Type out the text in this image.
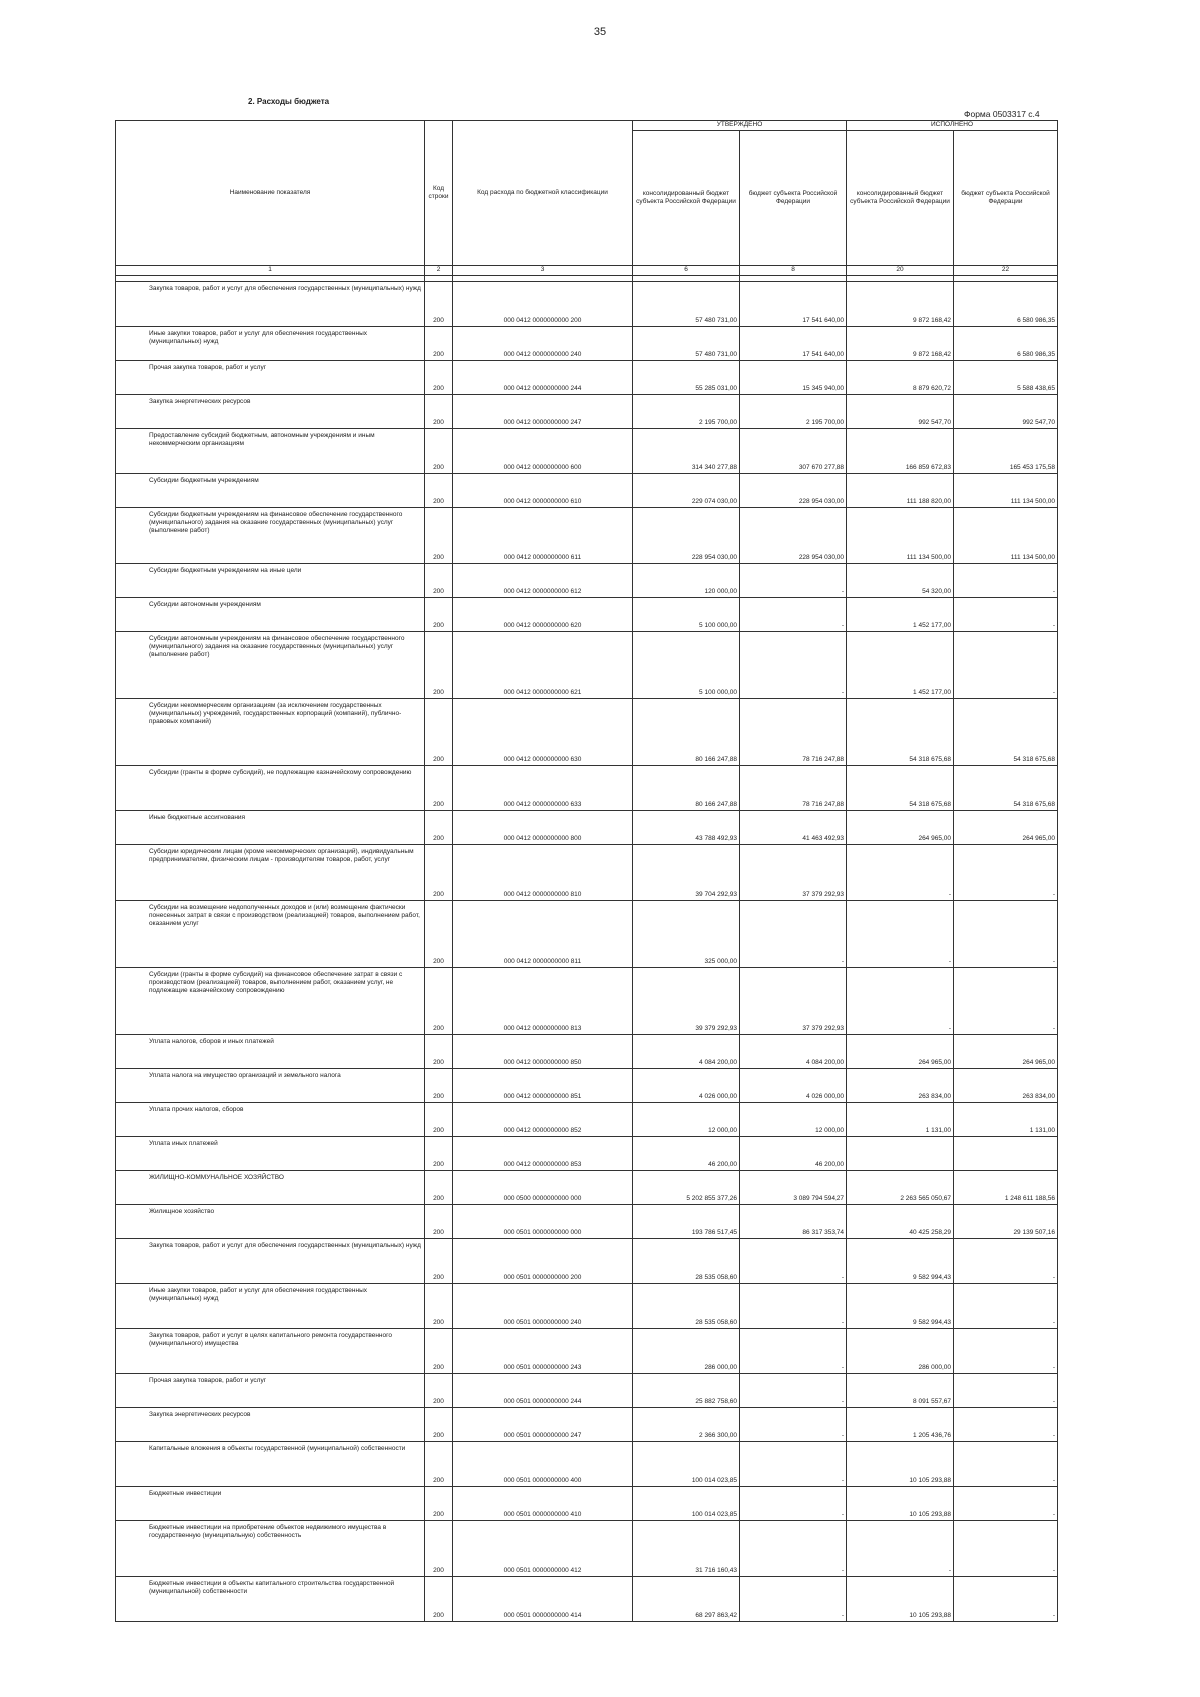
35
2. Расходы бюджета
Форма 0503317 с.4
Наименование показателя	Код строки	Код расхода по бюджетной классификации	УТВЕРЖДЕНО		ИСПОЛНЕНО	
			консолидированный бюджет субъекта Российской Федерации	бюджет субъекта Российской Федерации	консолидированный бюджет субъекта Российской Федерации	бюджет субъекта Российской Федерации
1	2	3	6	8	20	22

Закупка товаров, работ и услуг для обеспечения государственных (муниципальных) нужд	200	000 0412 0000000000 200	57 480 731,00	17 541 640,00	9 872 168,42	6 580 986,35
Иные закупки товаров, работ и услуг для обеспечения государственных (муниципальных) нужд	200	000 0412 0000000000 240	57 480 731,00	17 541 640,00	9 872 168,42	6 580 986,35
Прочая закупка товаров, работ и услуг	200	000 0412 0000000000 244	55 285 031,00	15 345 940,00	8 879 620,72	5 588 438,65
Закупка энергетических ресурсов	200	000 0412 0000000000 247	2 195 700,00	2 195 700,00	992 547,70	992 547,70
Предоставление субсидий бюджетным, автономным учреждениям и иным некоммерческим организациям	200	000 0412 0000000000 600	314 340 277,88	307 670 277,88	166 859 672,83	165 453 175,58
Субсидии бюджетным учреждениям	200	000 0412 0000000000 610	229 074 030,00	228 954 030,00	111 188 820,00	111 134 500,00
Субсидии бюджетным учреждениям на финансовое обеспечение государственного (муниципального) задания на оказание государственных (муниципальных) услуг (выполнение работ)	200	000 0412 0000000000 611	228 954 030,00	228 954 030,00	111 134 500,00	111 134 500,00
Субсидии бюджетным учреждениям на иные цели	200	000 0412 0000000000 612	120 000,00	-	54 320,00	-
Субсидии автономным учреждениям	200	000 0412 0000000000 620	5 100 000,00	-	1 452 177,00	-
Субсидии автономным учреждениям на финансовое обеспечение государственного (муниципального) задания на оказание государственных (муниципальных) услуг (выполнение работ)	200	000 0412 0000000000 621	5 100 000,00	-	1 452 177,00	-
Субсидии некоммерческим организациям (за исключением государственных (муниципальных) учреждений, государственных корпораций (компаний), публично-правовых компаний)	200	000 0412 0000000000 630	80 166 247,88	78 716 247,88	54 318 675,68	54 318 675,68
Субсидии (гранты в форме субсидий), не подлежащие казначейскому сопровождению	200	000 0412 0000000000 633	80 166 247,88	78 716 247,88	54 318 675,68	54 318 675,68
Иные бюджетные ассигнования	200	000 0412 0000000000 800	43 788 492,93	41 463 492,93	264 965,00	264 965,00
Субсидии юридическим лицам (кроме некоммерческих организаций), индивидуальным предпринимателям, физическим лицам - производителям товаров, работ, услуг	200	000 0412 0000000000 810	39 704 292,93	37 379 292,93	-	-
Субсидии на возмещение недополученных доходов и (или) возмещение фактически понесенных затрат в связи с производством (реализацией) товаров, выполнением работ, оказанием услуг	200	000 0412 0000000000 811	325 000,00	-	-	-
Субсидии (гранты в форме субсидий) на финансовое обеспечение затрат в связи с производством (реализацией) товаров, выполнением работ, оказанием услуг, не подлежащие казначейскому сопровождению	200	000 0412 0000000000 813	39 379 292,93	37 379 292,93	-	-
Уплата налогов, сборов и иных платежей	200	000 0412 0000000000 850	4 084 200,00	4 084 200,00	264 965,00	264 965,00
Уплата налога на имущество организаций и земельного налога	200	000 0412 0000000000 851	4 026 000,00	4 026 000,00	263 834,00	263 834,00
Уплата прочих налогов, сборов	200	000 0412 0000000000 852	12 000,00	12 000,00	1 131,00	1 131,00
Уплата иных платежей	200	000 0412 0000000000 853	46 200,00	46 200,00		
ЖИЛИЩНО-КОММУНАЛЬНОЕ ХОЗЯЙСТВО	200	000 0500 0000000000 000	5 202 855 377,26	3 089 794 594,27	2 263 565 050,67	1 248 611 188,56
Жилищное хозяйство	200	000 0501 0000000000 000	193 786 517,45	86 317 353,74	40 425 258,29	29 139 507,16
Закупка товаров, работ и услуг для обеспечения государственных (муниципальных) нужд	200	000 0501 0000000000 200	28 535 058,60	-	9 582 994,43	-
Иные закупки товаров, работ и услуг для обеспечения государственных (муниципальных) нужд	200	000 0501 0000000000 240	28 535 058,60	-	9 582 994,43	-
Закупка товаров, работ и услуг в целях капитального ремонта государственного (муниципального) имущества	200	000 0501 0000000000 243	286 000,00	-	286 000,00	-
Прочая закупка товаров, работ и услуг	200	000 0501 0000000000 244	25 882 758,60	-	8 091 557,67	-
Закупка энергетических ресурсов	200	000 0501 0000000000 247	2 366 300,00	-	1 205 436,76	-
Капитальные вложения в объекты государственной (муниципальной) собственности	200	000 0501 0000000000 400	100 014 023,85	-	10 105 293,88	-
Бюджетные инвестиции	200	000 0501 0000000000 410	100 014 023,85	-	10 105 293,88	-
Бюджетные инвестиции на приобретение объектов недвижимого имущества в государственную (муниципальную) собственность	200	000 0501 0000000000 412	31 716 160,43	-	-	-
Бюджетные инвестиции в объекты капитального строительства государственной (муниципальной) собственности	200	000 0501 0000000000 414	68 297 863,42	-	10 105 293,88	-
